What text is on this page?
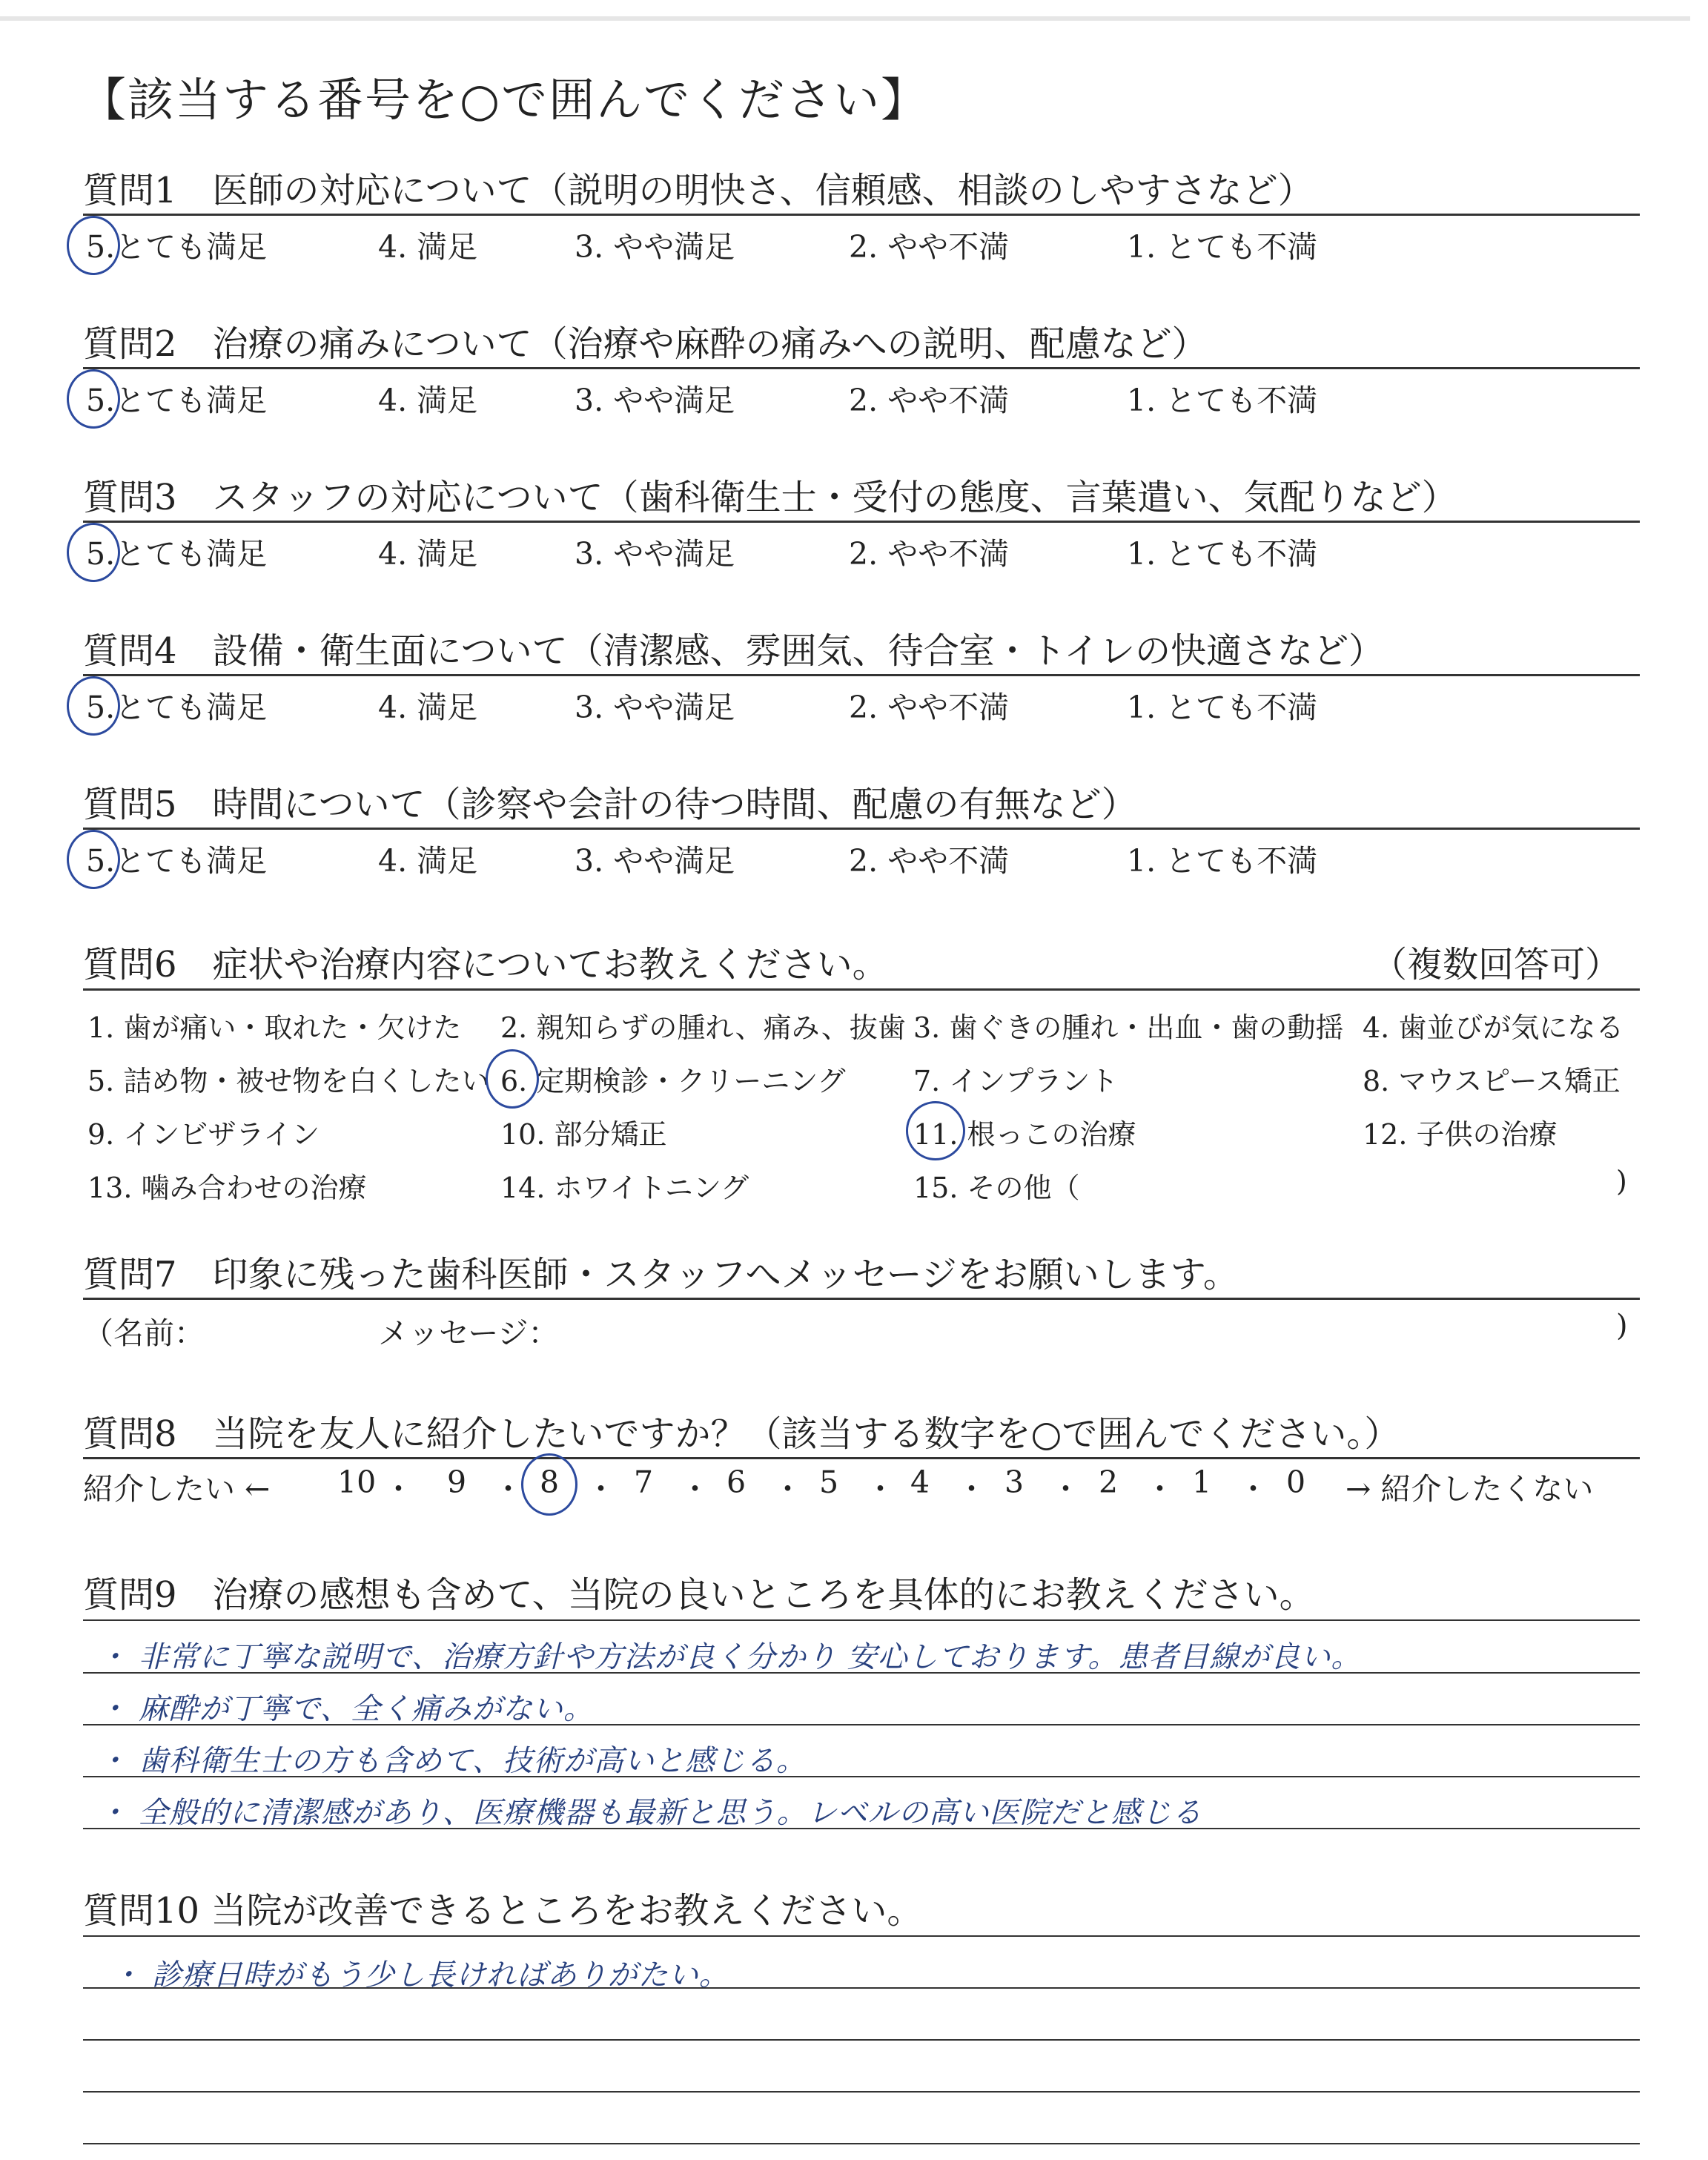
【該当する番号を○で囲んでください】
質問1　医師の対応について（説明の明快さ、信頼感、相談のしやすさなど）
5.とても満足	4. 満足	3. やや満足	2. やや不満	1. とても不満
質問2　治療の痛みについて（治療や麻酔の痛みへの説明、配慮など）
5.とても満足	4. 満足	3. やや満足	2. やや不満	1. とても不満
質問3　スタッフの対応について（歯科衛生士・受付の態度、言葉遣い、気配りなど）
5.とても満足	4. 満足	3. やや満足	2. やや不満	1. とても不満
質問4　設備・衛生面について（清潔感、雰囲気、待合室・トイレの快適さなど）
5.とても満足	4. 満足	3. やや満足	2. やや不満	1. とても不満
質問5　時間について（診察や会計の待つ時間、配慮の有無など）
5.とても満足	4. 満足	3. やや満足	2. やや不満	1. とても不満
質問6　症状や治療内容についてお教えください。	（複数回答可）
1. 歯が痛い・取れた・欠けた 2. 親知らずの腫れ、痛み、抜歯 3. 歯ぐきの腫れ・出血・歯の動揺 4. 歯並びが気になる
5. 詰め物・被せ物を白くしたい 6. 定期検診・クリーニング 7. インプラント	8. マウスピース矯正
9. インビザライン	10. 部分矯正	11. 根っこの治療	12. 子供の治療
13. 噛み合わせの治療	14. ホワイトニング	15. その他（	)
質問7　印象に残った歯科医師・スタッフへメッセージをお願いします。
（名前：	メッセージ：	)
質問8　当院を友人に紹介したいですか？（該当する数字を○で囲んでください。）
紹介したい ← 10 ・ 9 ・ 8 ・ 7 ・ 6 ・ 5 ・ 4 ・ 3 ・ 2 ・ 1 ・ 0 → 紹介したくない
質問9　治療の感想も含めて、当院の良いところを具体的にお教えください。
・ 非常に丁寧な説明で、治療方針や方法が良く分かり 安心しております。患者目線が良い。
・ 麻酔が丁寧で、全く痛みがない。
・ 歯科衛生士の方も含めて、技術が高いと感じる。
・ 全般的に清潔感があり、医療機器も最新と思う。レベルの高い医院だと感じる
質問10 当院が改善できるところをお教えください。
・ 診療日時がもう少し長ければありがたい。
